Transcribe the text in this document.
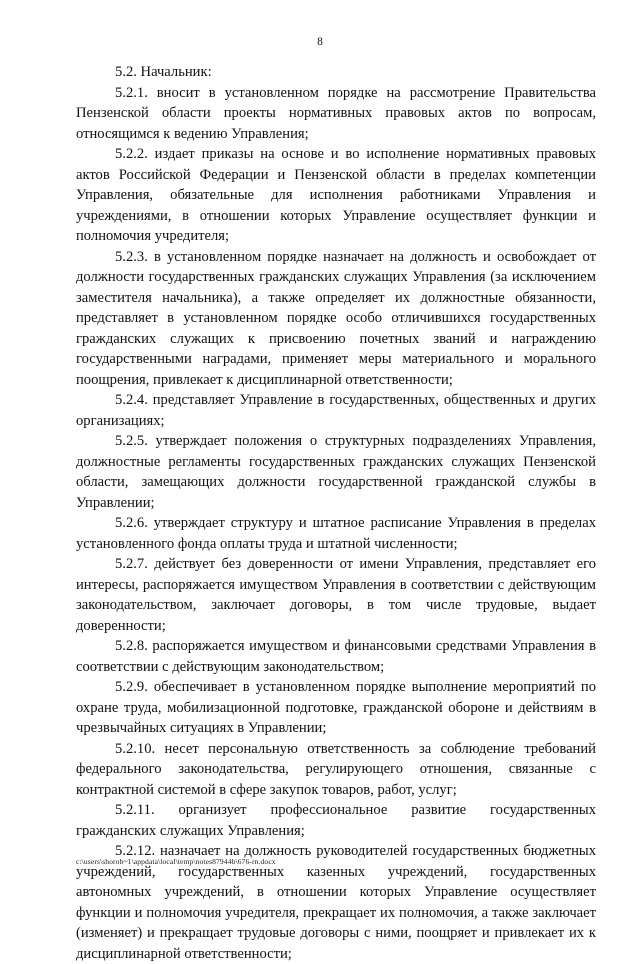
8

5.2. Начальник:

5.2.1. вносит в установленном порядке на рассмотрение Правительства Пензенской области проекты нормативных правовых актов по вопросам, относящимся к ведению Управления;

5.2.2. издает приказы на основе и во исполнение нормативных правовых актов Российской Федерации и Пензенской области в пределах компетенции Управления, обязательные для исполнения работниками Управления и учреждениями, в отношении которых Управление осуществляет функции и полномочия учредителя;

5.2.3. в установленном порядке назначает на должность и освобождает от должности государственных гражданских служащих Управления (за исключением заместителя начальника), а также определяет их должностные обязанности, представляет в установленном порядке особо отличившихся государственных гражданских служащих к присвоению почетных званий и награждению государственными наградами, применяет меры материального и морального поощрения, привлекает к дисциплинарной ответственности;

5.2.4. представляет Управление в государственных, общественных и других организациях;

5.2.5. утверждает положения о структурных подразделениях Управления, должностные регламенты государственных гражданских служащих Пензенской области, замещающих должности государственной гражданской службы в Управлении;

5.2.6. утверждает структуру и штатное расписание Управления в пределах установленного фонда оплаты труда и штатной численности;

5.2.7. действует без доверенности от имени Управления, представляет его интересы, распоряжается имуществом Управления в соответствии с действующим законодательством, заключает договоры, в том числе трудовые, выдает доверенности;

5.2.8. распоряжается имуществом и финансовыми средствами Управления в соответствии с действующим законодательством;

5.2.9. обеспечивает в установленном порядке выполнение мероприятий по охране труда, мобилизационной подготовке, гражданской обороне и действиям в чрезвычайных ситуациях в Управлении;

5.2.10. несет персональную ответственность за соблюдение требований федерального законодательства, регулирующего отношения, связанные с контрактной системой в сфере закупок товаров, работ, услуг;

5.2.11. организует профессиональное развитие государственных гражданских служащих Управления;

5.2.12. назначает на должность руководителей государственных бюджетных учреждений, государственных казенных учреждений, государственных автономных учреждений, в отношении которых Управление осуществляет функции и полномочия учредителя, прекращает их полномочия, а также заключает (изменяет) и прекращает трудовые договоры с ними, поощряет и привлекает их к дисциплинарной ответственности;

c:\users\shorob~1\appdata\local\temp\notes87944b\676-rn.docx
